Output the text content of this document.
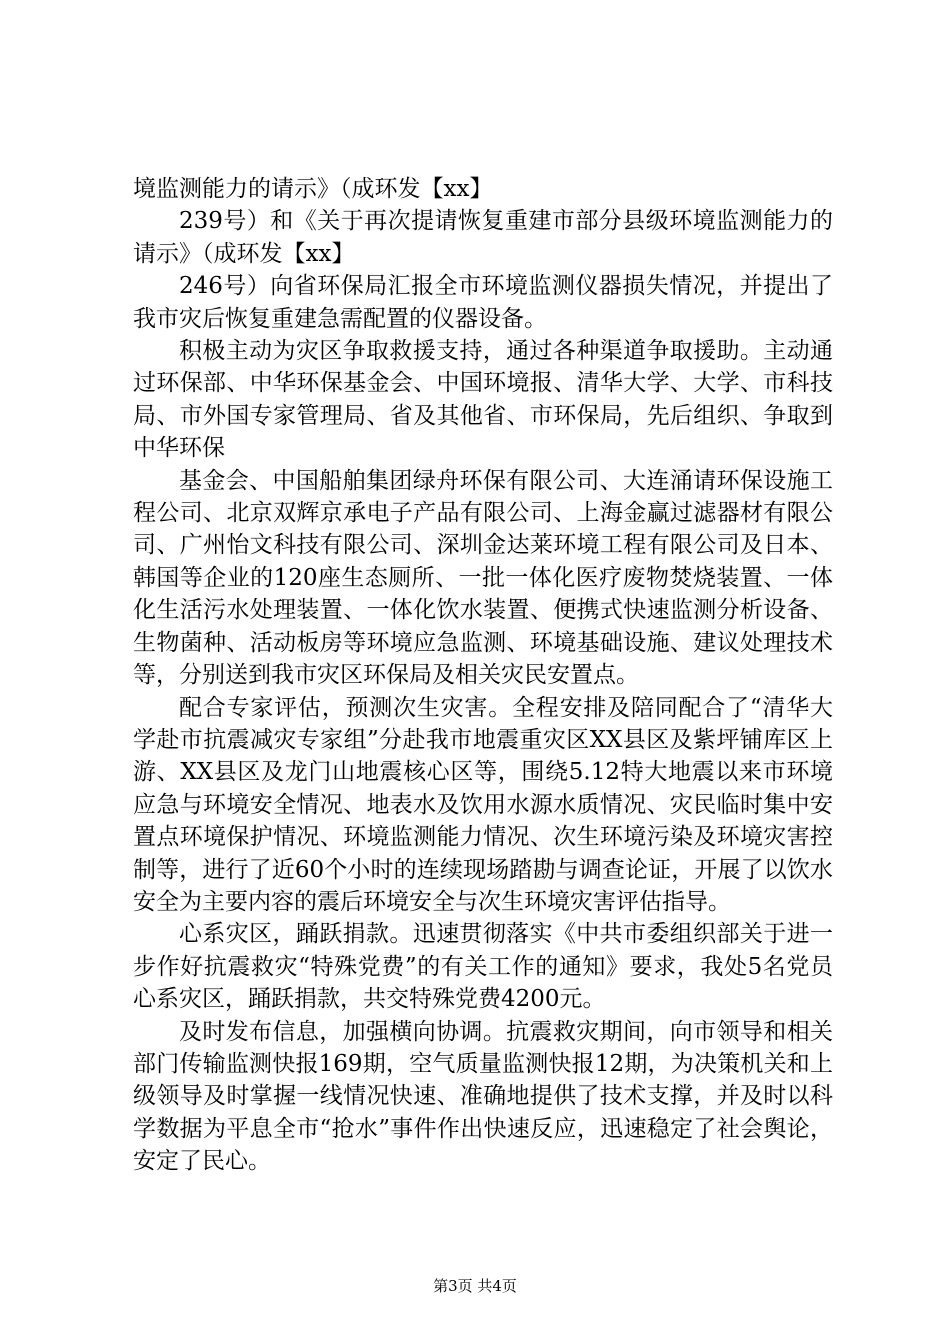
境监测能力的请示》（成环发【xx】

239号）和《关于再次提请恢复重建市部分县级环境监测能力的请示》（成环发【xx】

246号）向省环保局汇报全市环境监测仪器损失情况，并提出了我市灾后恢复重建急需配置的仪器设备。

积极主动为灾区争取救援支持，通过各种渠道争取援助。主动通过环保部、中华环保基金会、中国环境报、清华大学、大学、市科技局、市外国专家管理局、省及其他省、市环保局，先后组织、争取到中华环保

基金会、中国船舶集团绿舟环保有限公司、大连涌请环保设施工程公司、北京双辉京承电子产品有限公司、上海金赢过滤器材有限公司、广州怡文科技有限公司、深圳金达莱环境工程有限公司及日本、韩国等企业的120座生态厕所、一批一体化医疗废物焚烧装置、一体化生活污水处理装置、一体化饮水装置、便携式快速监测分析设备、生物菌种、活动板房等环境应急监测、环境基础设施、建议处理技术等，分别送到我市灾区环保局及相关灾民安置点。

配合专家评估，预测次生灾害。全程安排及陪同配合了“清华大学赴市抗震减灾专家组”分赴我市地震重灾区XX县区及紫坪铺库区上游、XX县区及龙门山地震核心区等，围绕5.12特大地震以来市环境应急与环境安全情况、地表水及饮用水源水质情况、灾民临时集中安置点环境保护情况、环境监测能力情况、次生环境污染及环境灾害控制等，进行了近60个小时的连续现场踏勘与调查论证，开展了以饮水安全为主要内容的震后环境安全与次生环境灾害评估指导。

心系灾区，踊跃捐款。迅速贯彻落实《中共市委组织部关于进一步作好抗震救灾“特殊党费”的有关工作的通知》要求，我处5名党员心系灾区，踊跃捐款，共交特殊党费4200元。

及时发布信息，加强横向协调。抗震救灾期间，向市领导和相关部门传输监测快报169期，空气质量监测快报12期，为决策机关和上级领导及时掌握一线情况快速、准确地提供了技术支撑，并及时以科学数据为平息全市“抢水”事件作出快速反应，迅速稳定了社会舆论，安定了民心。

第3页 共4页
